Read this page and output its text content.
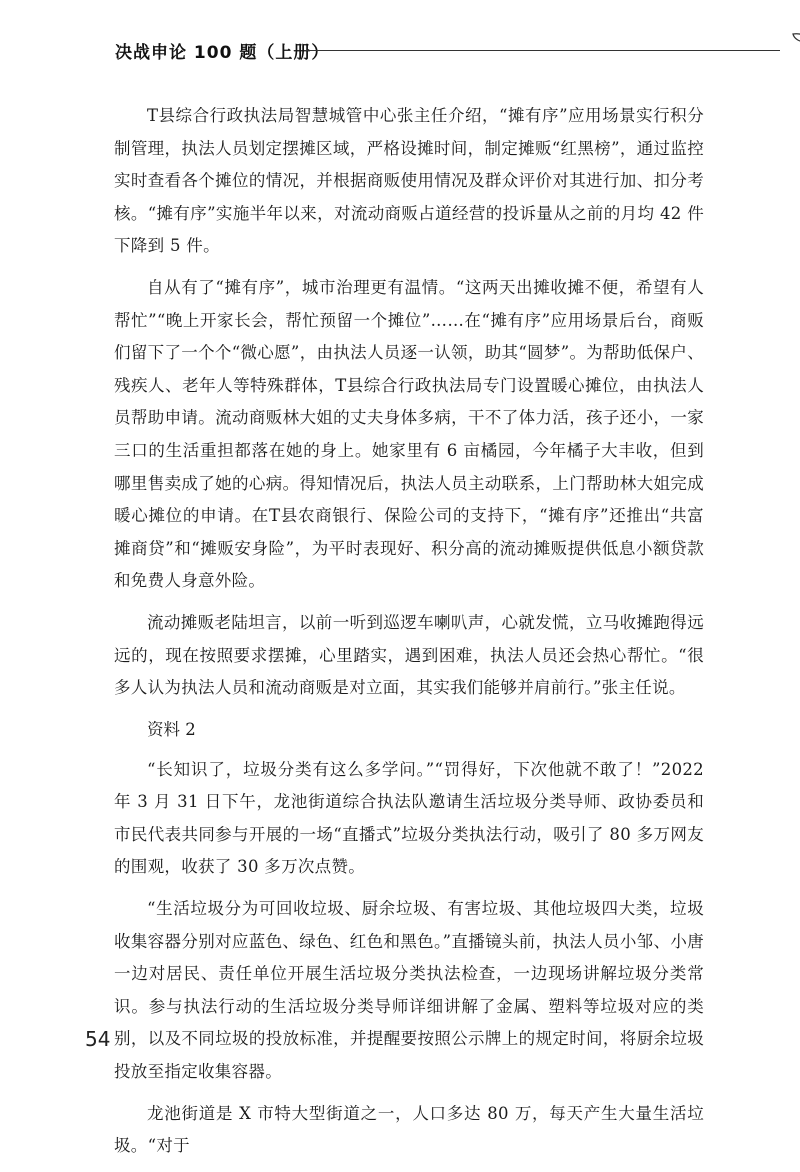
决战申论 100 题（上册）

T县综合行政执法局智慧城管中心张主任介绍，“摊有序”应用场景实行积分制管理，执法人员划定摆摊区域，严格设摊时间，制定摊贩“红黑榜”，通过监控实时查看各个摊位的情况，并根据商贩使用情况及群众评价对其进行加、扣分考核。“摊有序”实施半年以来，对流动商贩占道经营的投诉量从之前的月均 42 件下降到 5 件。

自从有了“摊有序”，城市治理更有温情。“这两天出摊收摊不便，希望有人帮忙”“晚上开家长会，帮忙预留一个摊位”……在“摊有序”应用场景后台，商贩们留下了一个个“微心愿”，由执法人员逐一认领，助其“圆梦”。为帮助低保户、残疾人、老年人等特殊群体，T县综合行政执法局专门设置暖心摊位，由执法人员帮助申请。流动商贩林大姐的丈夫身体多病，干不了体力活，孩子还小，一家三口的生活重担都落在她的身上。她家里有 6 亩橘园，今年橘子大丰收，但到哪里售卖成了她的心病。得知情况后，执法人员主动联系，上门帮助林大姐完成暖心摊位的申请。在T县农商银行、保险公司的支持下，“摊有序”还推出“共富摊商贷”和“摊贩安身险”，为平时表现好、积分高的流动摊贩提供低息小额贷款和免费人身意外险。

流动摊贩老陆坦言，以前一听到巡逻车喇叭声，心就发慌，立马收摊跑得远远的，现在按照要求摆摊，心里踏实，遇到困难，执法人员还会热心帮忙。“很多人认为执法人员和流动商贩是对立面，其实我们能够并肩前行。”张主任说。

资料 2

“长知识了，垃圾分类有这么多学问。”“罚得好，下次他就不敢了！”2022 年 3 月 31 日下午，龙池街道综合执法队邀请生活垃圾分类导师、政协委员和市民代表共同参与开展的一场“直播式”垃圾分类执法行动，吸引了 80 多万网友的围观，收获了 30 多万次点赞。

“生活垃圾分为可回收垃圾、厨余垃圾、有害垃圾、其他垃圾四大类，垃圾收集容器分别对应蓝色、绿色、红色和黑色。”直播镜头前，执法人员小邹、小唐一边对居民、责任单位开展生活垃圾分类执法检查，一边现场讲解垃圾分类常识。参与执法行动的生活垃圾分类导师详细讲解了金属、塑料等垃圾对应的类别，以及不同垃圾的投放标准，并提醒要按照公示牌上的规定时间，将厨余垃圾投放至指定收集容器。

龙池街道是 X 市特大型街道之一，人口多达 80 万，每天产生大量生活垃圾。“对于

54
